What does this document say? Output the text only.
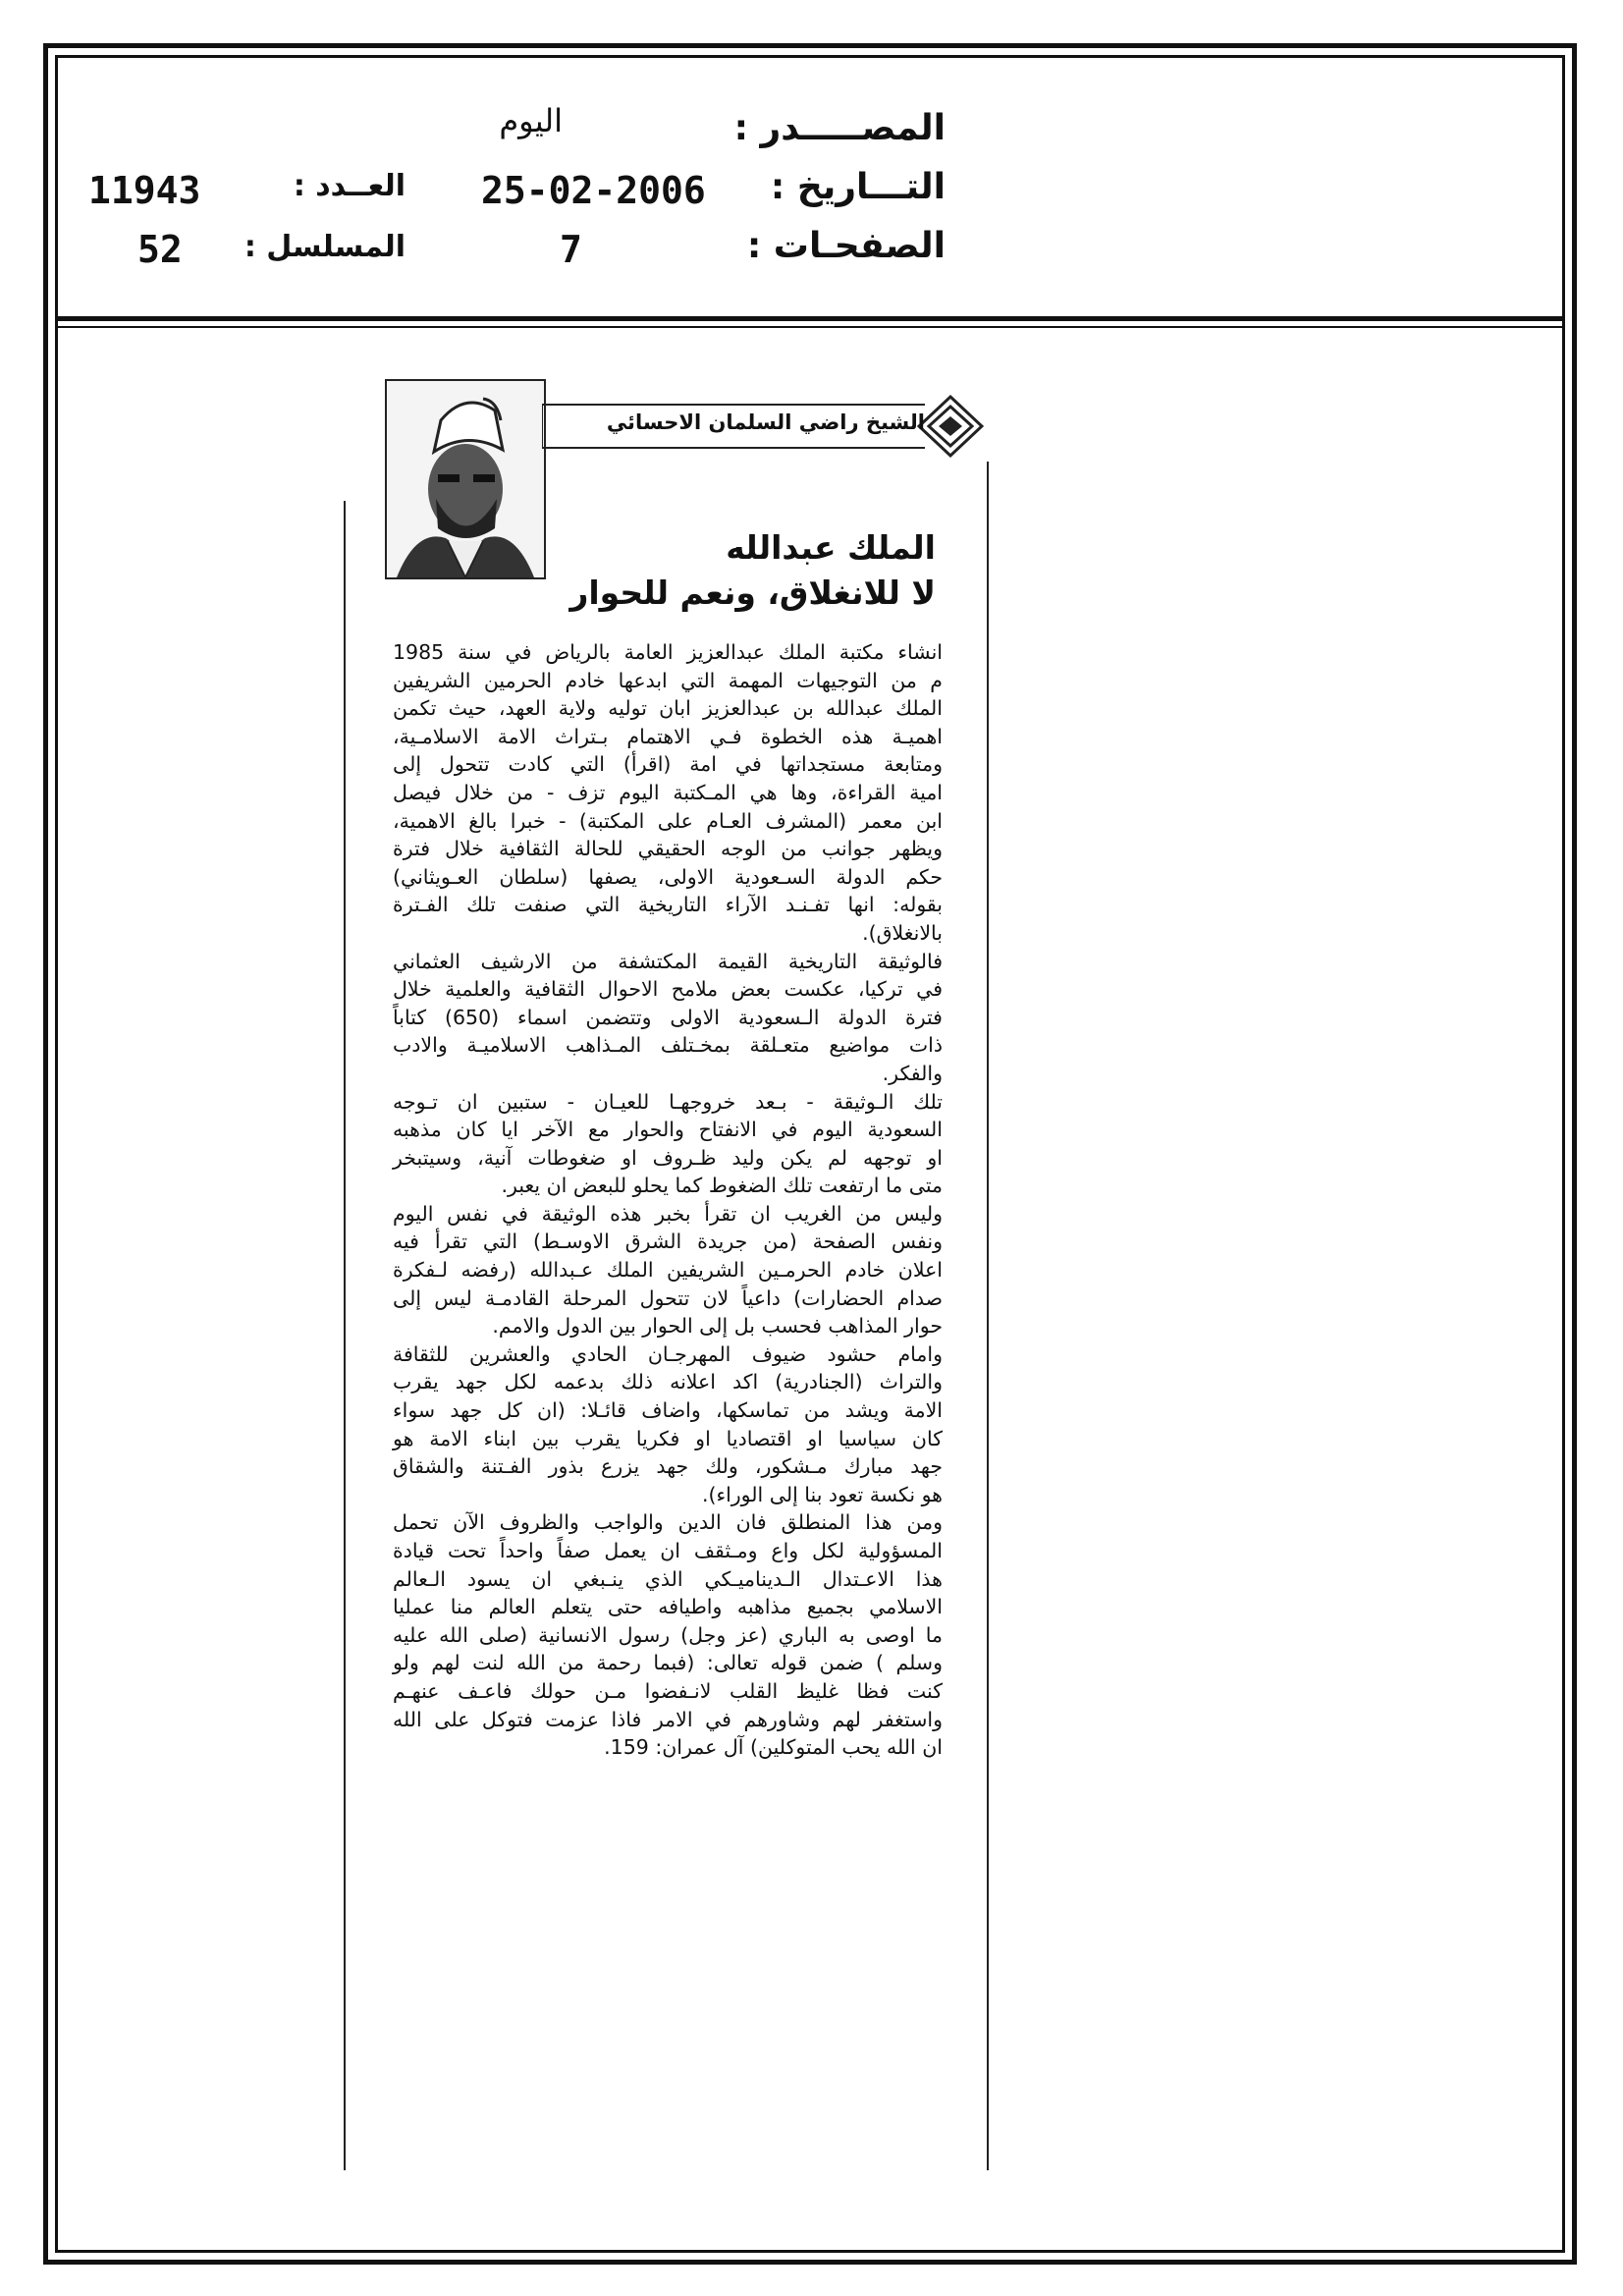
المصـــــدر :
اليوم
التـــاريخ :
25-02-2006
العــدد :
11943
الصفحـات :
7
المسلسل :
52
الشيخ راضي السلمان الاحسائي
الملك عبدالله
لا للانغلاق، ونعم للحوار

انشاء مكتبة الملك عبدالعزيز العامة بالرياض في سنة 1985
م من التوجيهات المهمة التي ابدعها خادم الحرمين الشريفين
الملك عبدالله بن عبدالعزيز ابان توليه ولاية العهد، حيث تكمن
اهميـة هذه الخطوة فـي الاهتمام بـتراث الامة الاسلامـية،
ومتابعة مستجداتها في امة (اقرأ) التي كادت تتحول إلى
امية القراءة، وها هي المـكتبة اليوم تزف - من خلال فيصل
ابن معمر (المشرف العـام على المكتبة) - خبرا بالغ الاهمية،
ويظهر جوانب من الوجه الحقيقي للحالة الثقافية خلال فترة
حكم الدولة السـعودية الاولى، يصفها (سلطان العـويثاني)
بقوله: انها تفـنـد الآراء التاريخية التي صنفت تلك الفـترة
بالانغلاق).

فالوثيقة التاريخية القيمة المكتشفة من الارشيف العثماني
في تركيا، عكست بعض ملامح الاحوال الثقافية والعلمية خلال
فترة الدولة الـسعودية الاولى وتتضمن اسماء (650) كتاباً
ذات مواضيع متعـلقة بمخـتلف المـذاهب الاسلاميـة والادب
والفكر.

تلك الـوثيقة - بـعد خروجهـا للعيـان - ستبين ان تـوجه
السعودية اليوم في الانفتاح والحوار مع الآخر ايا كان مذهبه
او توجهه لم يكن وليد ظـروف او ضغوطات آنية، وسيتبخر
متى ما ارتفعت تلك الضغوط كما يحلو للبعض ان يعبر.

وليس من الغريب ان تقرأ بخبر هذه الوثيقة في نفس اليوم
ونفس الصفحة (من جريدة الشرق الاوسـط) التي تقرأ فيه
اعلان خادم الحرمـين الشريفين الملك عـبدالله (رفضه لـفكرة
صدام الحضارات) داعياً لان تتحول المرحلة القادمـة ليس إلى
حوار المذاهب فحسب بل إلى الحوار بين الدول والامم.

وامام حشود ضيوف المهرجـان الحادي والعشرين للثقافة
والتراث (الجنادرية) اكد اعلانه ذلك بدعمه لكل جهد يقرب
الامة ويشد من تماسكها، واضاف قائـلا: (ان كل جهد سواء
كان سياسيا او اقتصاديا او فكريا يقرب بين ابناء الامة هو
جهد مبارك مـشكور، ولك جهد يزرع بذور الفـتنة والشقاق
هو نكسة تعود بنا إلى الوراء).

ومن هذا المنطلق فان الدين والواجب والظروف الآن تحمل
المسؤولية لكل واع ومـثقف ان يعمل صفاً واحداً تحت قيادة
هذا الاعـتدال الـديناميـكي الذي ينـبغي ان يسود الـعالم
الاسلامي بجميع مذاهبه واطيافه حتى يتعلم العالم منا عمليا
ما اوصى به الباري (عز وجل) رسول الانسانية (صلى الله عليه
وسلم ) ضمن قوله تعالى: (فبما رحمة من الله لنت لهم ولو
كنت فظا غليظ القلب لانـفضوا مـن حولك فاعـف عنهـم
واستغفر لهم وشاورهم في الامر فاذا عزمت فتوكل على الله
ان الله يحب المتوكلين) آل عمران: 159.
